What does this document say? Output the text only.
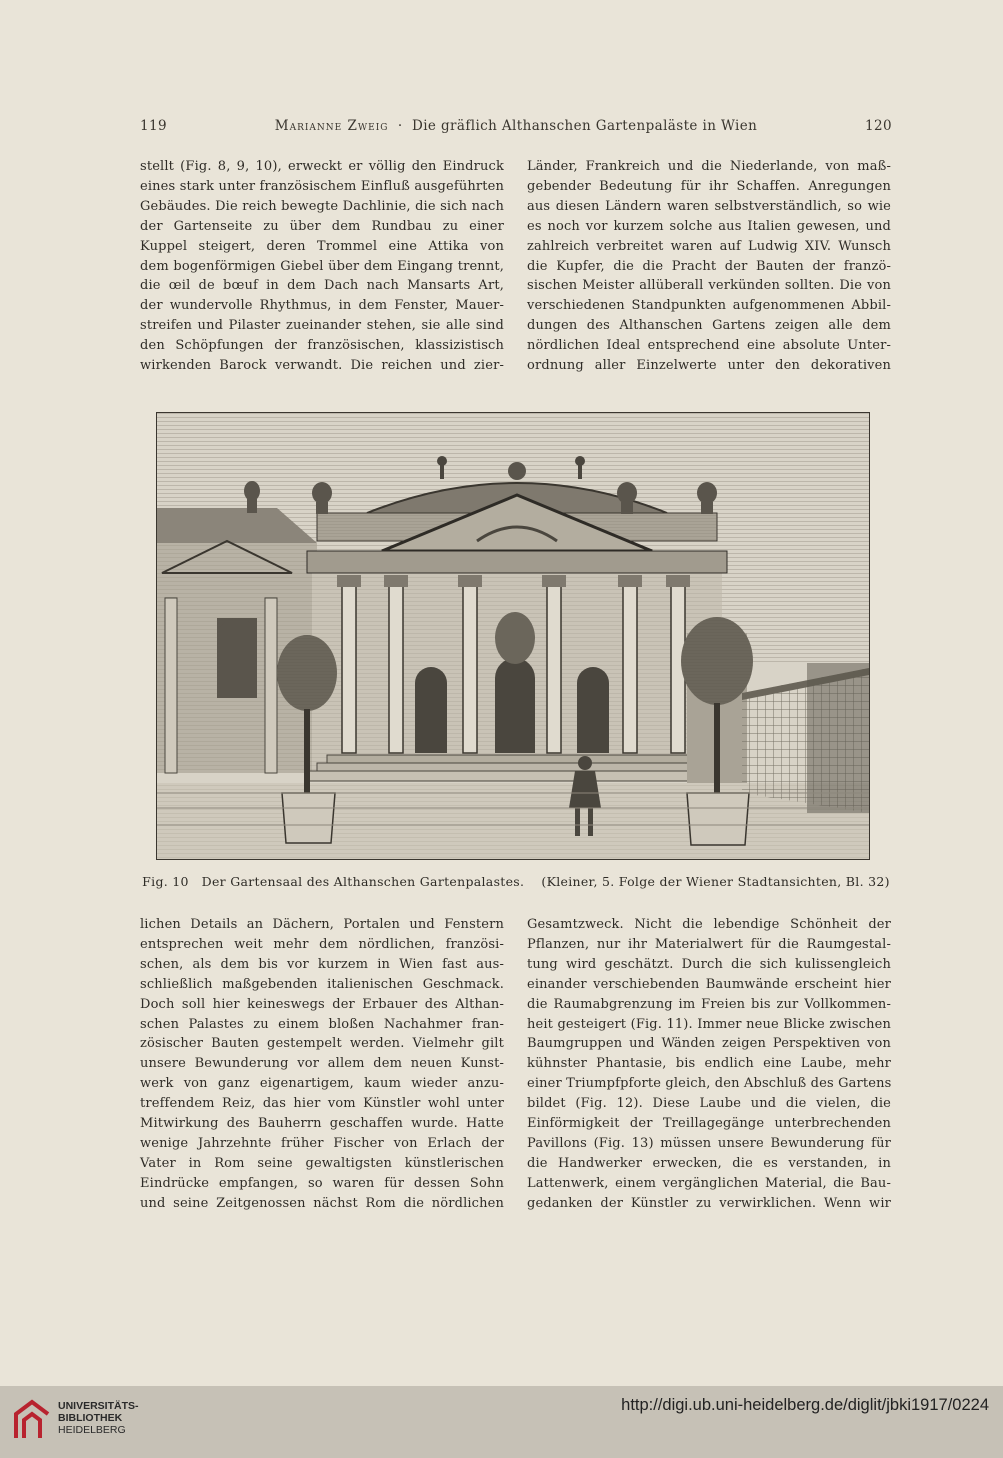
119	Marianne Zweig  ·  Die gräflich Althanschen Gartenpaläste in Wien	120

stellt (Fig. 8, 9, 10), erweckt er völlig den Eindruck

eines stark unter französischem Einfluß ausgeführten

Gebäudes. Die reich bewegte Dachlinie, die sich nach

der Gartenseite zu über dem Rundbau zu einer

Kuppel steigert, deren Trommel eine Attika von

dem bogenförmigen Giebel über dem Eingang trennt,

die œil de bœuf in dem Dach nach Mansarts Art,

der wundervolle Rhythmus, in dem Fenster, Mauer-

streifen und Pilaster zueinander stehen, sie alle sind

den Schöpfungen der französischen, klassizistisch

wirkenden Barock verwandt. Die reichen und zier-

Länder, Frankreich und die Niederlande, von maß-

gebender Bedeutung für ihr Schaffen. Anregungen

aus diesen Ländern waren selbstverständlich, so wie

es noch vor kurzem solche aus Italien gewesen, und

zahlreich verbreitet waren auf Ludwig XIV. Wunsch

die Kupfer, die die Pracht der Bauten der franzö-

sischen Meister allüberall verkünden sollten. Die von

verschiedenen Standpunkten aufgenommenen Abbil-

dungen des Althanschen Gartens zeigen alle dem

nördlichen Ideal entsprechend eine absolute Unter-

ordnung aller Einzelwerte unter den dekorativen

Fig. 10 Der Gartensaal des Althanschen Gartenpalastes. (Kleiner, 5. Folge der Wiener Stadtansichten, Bl. 32)

lichen Details an Dächern, Portalen und Fenstern

entsprechen weit mehr dem nördlichen, französi-

schen, als dem bis vor kurzem in Wien fast aus-

schließlich maßgebenden italienischen Geschmack.

Doch soll hier keineswegs der Erbauer des Althan-

schen Palastes zu einem bloßen Nachahmer fran-

zösischer Bauten gestempelt werden. Vielmehr gilt

unsere Bewunderung vor allem dem neuen Kunst-

werk von ganz eigenartigem, kaum wieder anzu-

treffendem Reiz, das hier vom Künstler wohl unter

Mitwirkung des Bauherrn geschaffen wurde. Hatte

wenige Jahrzehnte früher Fischer von Erlach der

Vater in Rom seine gewaltigsten künstlerischen

Eindrücke empfangen, so waren für dessen Sohn

und seine Zeitgenossen nächst Rom die nördlichen

Gesamtzweck. Nicht die lebendige Schönheit der

Pflanzen, nur ihr Materialwert für die Raumgestal-

tung wird geschätzt. Durch die sich kulissengleich

einander verschiebenden Baumwände erscheint hier

die Raumabgrenzung im Freien bis zur Vollkommen-

heit gesteigert (Fig. 11). Immer neue Blicke zwischen

Baumgruppen und Wänden zeigen Perspektiven von

kühnster Phantasie, bis endlich eine Laube, mehr

einer Triumpfpforte gleich, den Abschluß des Gartens

bildet (Fig. 12). Diese Laube und die vielen, die

Einförmigkeit der Treillagegänge unterbrechenden

Pavillons (Fig. 13) müssen unsere Bewunderung für

die Handwerker erwecken, die es verstanden, in

Lattenwerk, einem vergänglichen Material, die Bau-

gedanken der Künstler zu verwirklichen. Wenn wir

UNIVERSITÄTS-
BIBLIOTHEK
HEIDELBERG
http://digi.ub.uni-heidelberg.de/diglit/jbki1917/0224
